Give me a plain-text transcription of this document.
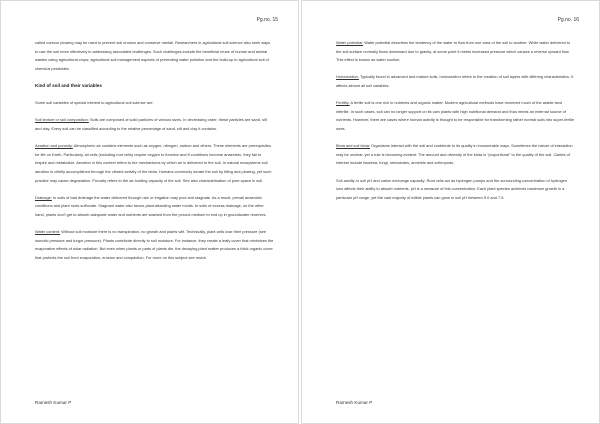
Pg.no. 15

called contour plowing may be used to prevent soil erosion and conserve rainfall. Researchers in agricultural soil science also seek ways to use the soil more effectively in addressing associated challenges. Such challenges include the beneficial reuse of human and animal wastes using agricultural crops; agricultural soil management aspects of preventing water pollution and the build-up in agricultural soil of chemical pesticides.

Kind of soil and their variables

Some soil variables of special interest to agricultural soil science are:

Soil texture or soil composition: Soils are composed of solid particles of various sizes. In decreasing order, these particles are sand, silt and clay. Every soil can be classified according to the relative percentage of sand, silt and clay it contains.

Aeration and porosity: Atmospheric air contains elements such as oxygen, nitrogen, carbon and others. These elements are prerequisites for life on Earth. Particularly, all cells (including root cells) require oxygen to function and if conditions become anaerobic, they fail to respire and metabolize. Aeration in this context refers to the mechanisms by which air is delivered to the soil. In natural ecosystems soil aeration is chiefly accomplished through the vibrant activity of the biota. Humans commonly aerate the soil by tilling and plowing, yet such practice may cause degradation. Porosity refers to the air-holding capacity of the soil. See also characterisation of pore space in soil.

Drainage: In soils of bad drainage the water delivered through rain or irrigation may pool and stagnate. As a result, prevail anaerobic conditions and plant roots suffocate. Stagnant water also favors plant-attacking water molds. In soils of excess drainage, on the other hand, plants don't get to absorb adequate water and nutrients are washed from the porous medium to end up in groundwater reserves.

Water content: Without soil moisture there is no transpiration, no growth and plants wilt. Technically, plant cells lose their pressure (see osmotic pressure and turgor pressure). Plants contribute directly to soil moisture. For instance, they create a leafy cover that minimizes the evaporative effects of solar radiation. But even when plants or parts of plants die, the decaying plant matter produces a thick organic cover that protects the soil from evaporation, erosion and compaction. For more on this subject see mulch.

Ramesh Kumar P
Pg.no. 16

Water potential: Water potential describes the tendency of the water to flow from one area of the soil to another. While water delivered to the soil surface normally flows downward due to gravity, at some point it meets increased pressure which causes a reverse upward flow. This effect is known as water suction.

Horizonation: Typically found in advanced and mature soils, horizonation refers to the creation of soil layers with differing characteristics. It affects almost all soil variables.

Fertility: A fertile soil is one rich in nutrients and organic matter. Modern agricultural methods have rendered much of the arable land infertile. In such cases, soil can no longer support on its own plants with high nutritional demand and thus needs an external source of nutrients. However, there are cases where human activity is thought to be responsible for transforming rather normal soils into super-fertile ones.

Biota and soil biota: Organisms interact with the soil and contribute to its quality in innumerable ways. Sometimes the nature of interaction may be unclear, yet a rule is becoming evident: The amount and diversity of the biota is "proportional" to the quality of the soil. Clades of interest include bacteria, fungi, nematodes, annelids and arthropods.

Soil acidity or soil pH and cation exchange capacity: Root cells act as hydrogen pumps and the surrounding concentration of hydrogen ions affects their ability to absorb nutrients. pH is a measure of this concentration. Each plant species achieves maximum growth in a particular pH range, yet the vast majority of edible plants can grow in soil pH between 5.0 and 7.5.

Ramesh Kumar P
